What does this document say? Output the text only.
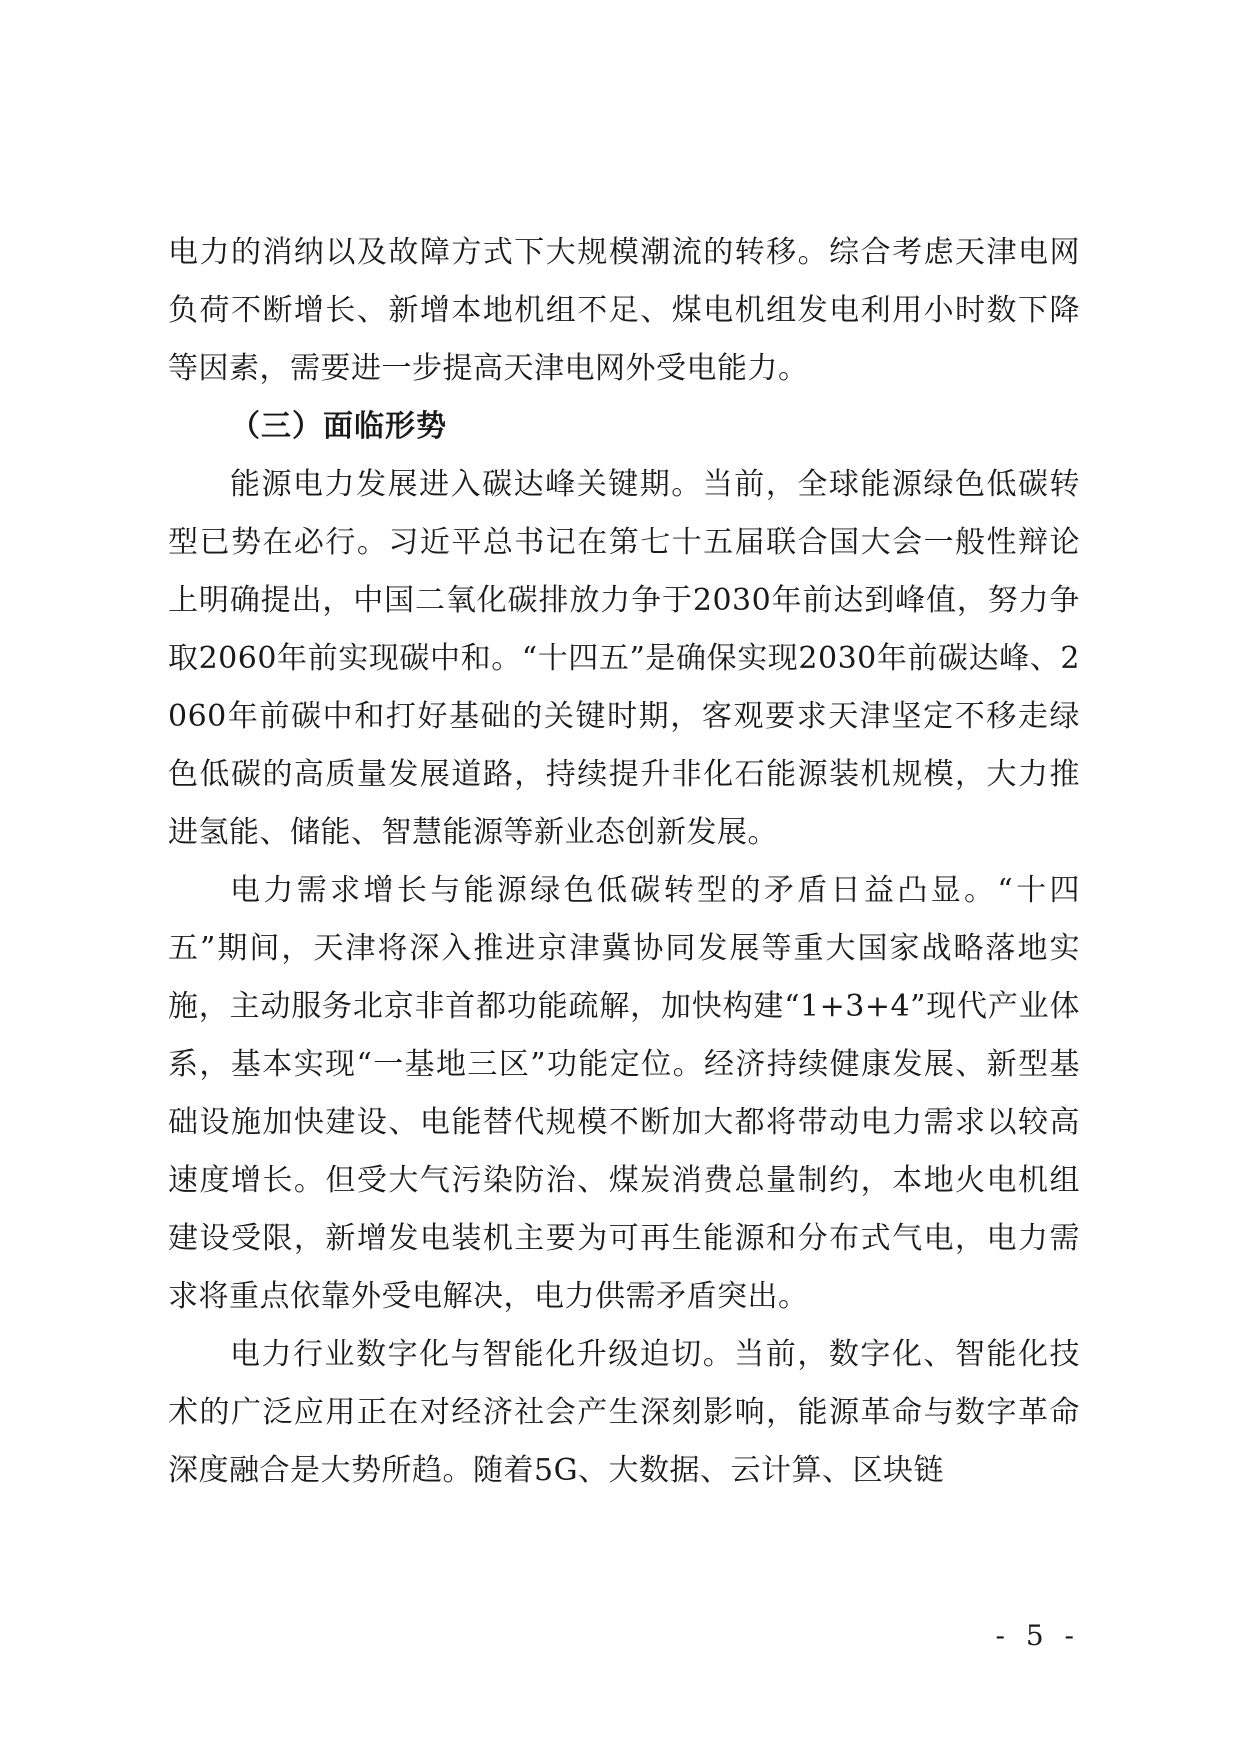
电力的消纳以及故障方式下大规模潮流的转移。综合考虑天津电网负荷不断增长、新增本地机组不足、煤电机组发电利用小时数下降等因素，需要进一步提高天津电网外受电能力。

（三）面临形势

能源电力发展进入碳达峰关键期。当前，全球能源绿色低碳转型已势在必行。习近平总书记在第七十五届联合国大会一般性辩论上明确提出，中国二氧化碳排放力争于2030年前达到峰值，努力争取2060年前实现碳中和。“十四五”是确保实现2030年前碳达峰、2060年前碳中和打好基础的关键时期，客观要求天津坚定不移走绿色低碳的高质量发展道路，持续提升非化石能源装机规模，大力推进氢能、储能、智慧能源等新业态创新发展。

电力需求增长与能源绿色低碳转型的矛盾日益凸显。“十四五”期间，天津将深入推进京津冀协同发展等重大国家战略落地实施，主动服务北京非首都功能疏解，加快构建“1+3+4”现代产业体系，基本实现“一基地三区”功能定位。经济持续健康发展、新型基础设施加快建设、电能替代规模不断加大都将带动电力需求以较高速度增长。但受大气污染防治、煤炭消费总量制约，本地火电机组建设受限，新增发电装机主要为可再生能源和分布式气电，电力需求将重点依靠外受电解决，电力供需矛盾突出。

电力行业数字化与智能化升级迫切。当前，数字化、智能化技术的广泛应用正在对经济社会产生深刻影响，能源革命与数字革命深度融合是大势所趋。随着5G、大数据、云计算、区块链

- 5 -
